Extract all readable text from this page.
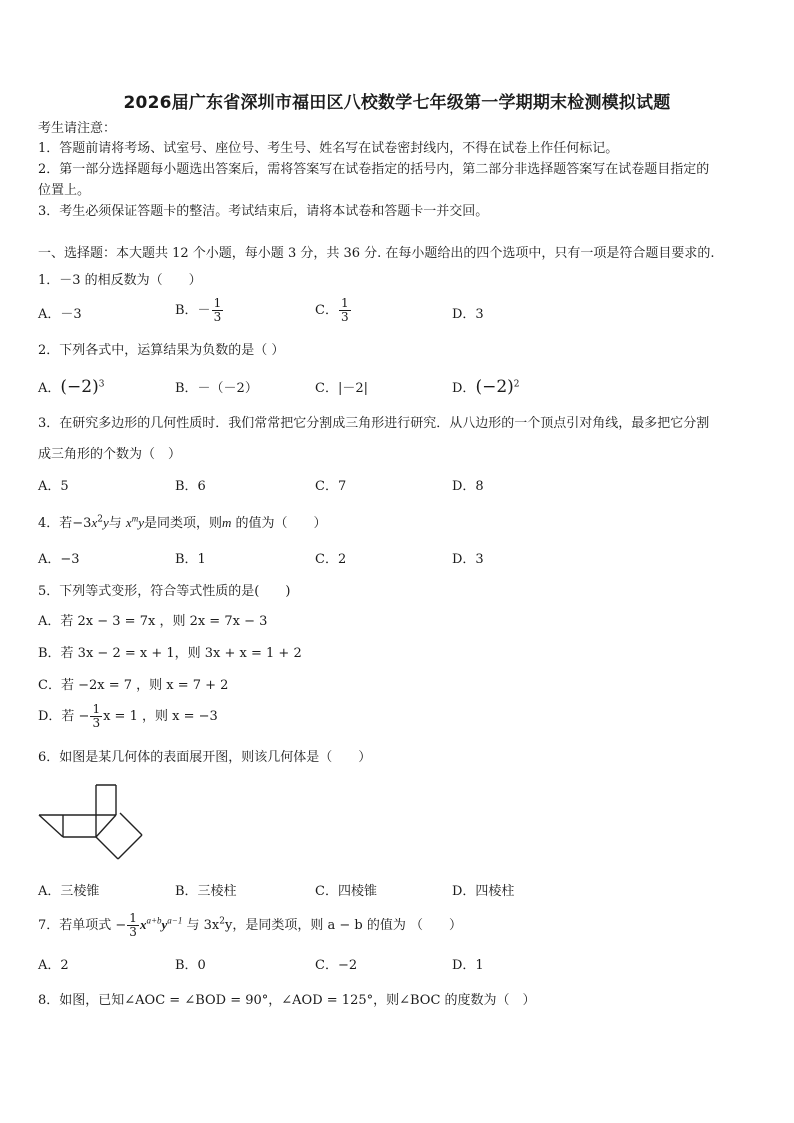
2026届广东省深圳市福田区八校数学七年级第一学期期末检测模拟试题
考生请注意：
1．答题前请将考场、试室号、座位号、考生号、姓名写在试卷密封线内，不得在试卷上作任何标记。
2．第一部分选择题每小题选出答案后，需将答案写在试卷指定的括号内，第二部分非选择题答案写在试卷题目指定的
位置上。
3．考生必须保证答题卡的整洁。考试结束后，请将本试卷和答题卡一并交回。
一、选择题：本大题共 12 个小题，每小题 3 分，共 36 分. 在每小题给出的四个选项中，只有一项是符合题目要求的.
1．－3 的相反数为（　　）
A．－3	B．－ $\frac{1}{3}$	C． $\frac{1}{3}$	D．3
2．下列各式中，运算结果为负数的是（ ）
A．$(-2)^3$	B．－（－2）	C．|－2|	D．$(-2)^2$
3．在研究多边形的几何性质时．我们常常把它分割成三角形进行研究．从八边形的一个顶点引对角线，最多把它分割
成三角形的个数为（　）
A．5	B．6	C．7	D．8
4．若$-3x^2y$与 $x^my$是同类项，则m 的值为（　　）
A．−3	B．1	C．2	D．3
5．下列等式变形，符合等式性质的是(　　)
A．若 2x − 3 = 7x ，则 2x = 7x − 3
B．若 3x − 2 = x + 1，则 3x + x = 1 + 2
C．若 −2x = 7 ，则 x = 7 + 2
D．若 − $\frac{1}{3}$ x = 1 ，则 x = −3
6．如图是某几何体的表面展开图，则该几何体是（　　）
A．三棱锥	B．三棱柱	C．四棱锥	D．四棱柱
7．若单项式 − $\frac{1}{3} x^{a+b}y^{a-1}$ 与 $3x^2y$，是同类项，则 a − b 的值为 （　　）
A．2	B．0	C．−2	D．1
8．如图，已知∠AOC = ∠BOD = 90°，∠AOD = 125°，则∠BOC 的度数为（　）
